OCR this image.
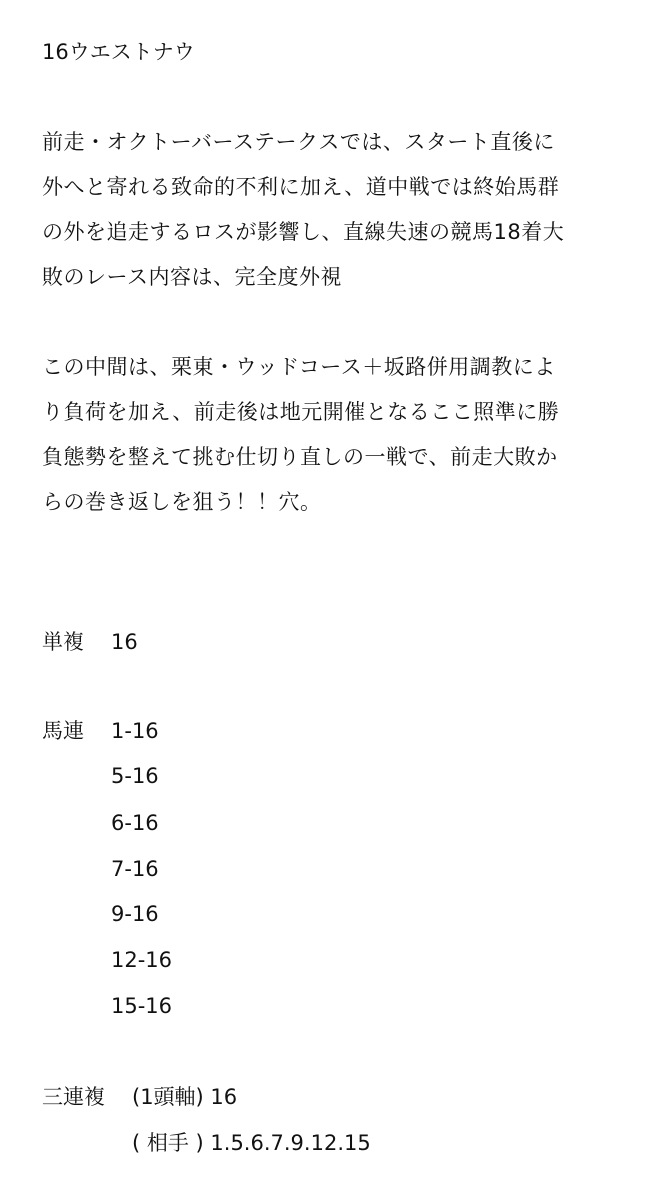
16ウエストナウ
前走・オクトーバーステークスでは、スタート直後に
外へと寄れる致命的不利に加え、道中戦では終始馬群
の外を追走するロスが影響し、直線失速の競馬18着大
敗のレース内容は、完全度外視
この中間は、栗東・ウッドコース＋坂路併用調教によ
り負荷を加え、前走後は地元開催となるここ照準に勝
負態勢を整えて挑む仕切り直しの一戦で、前走大敗か
らの巻き返しを狙う！！穴。
単複 16
馬連 1-16
5-16
6-16
7-16
9-16
12-16
15-16
三連複 (1頭軸) 16
( 相手 ) 1.5.6.7.9.12.15
